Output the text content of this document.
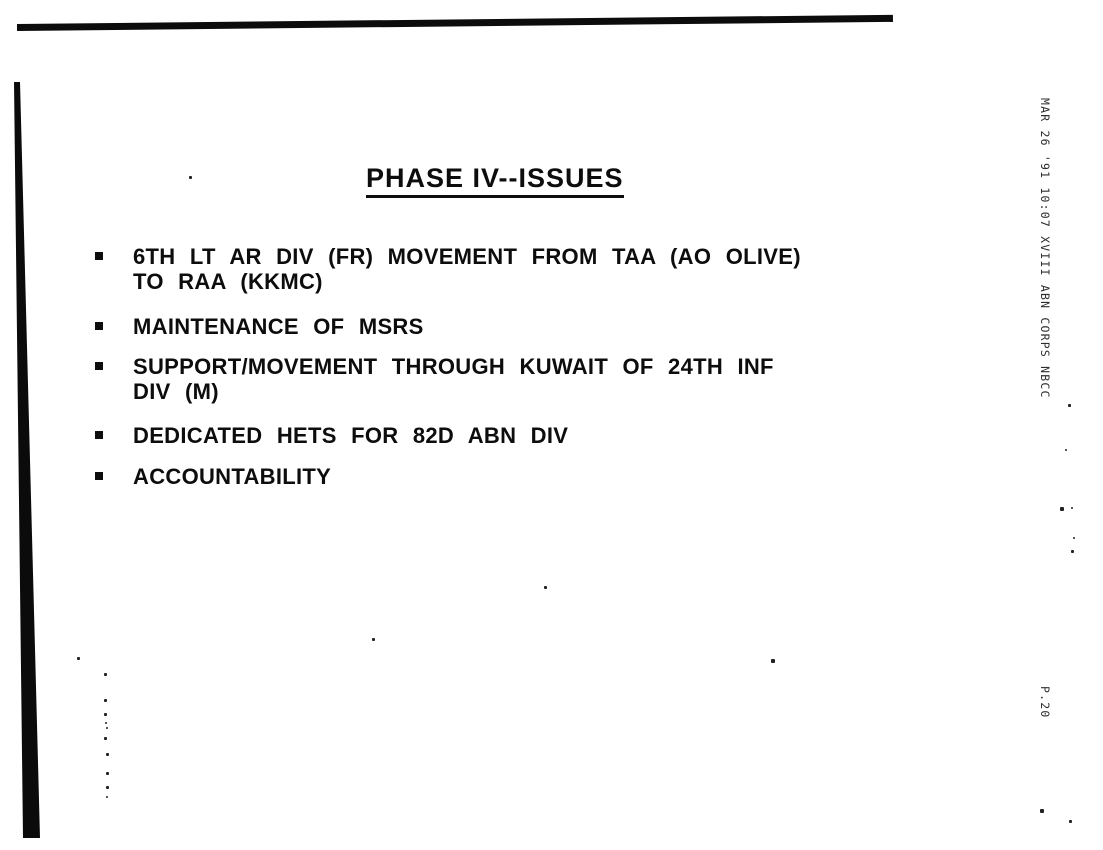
PHASE IV--ISSUES
6TH LT AR DIV (FR) MOVEMENT FROM TAA (AO OLIVE)
TO RAA (KKMC)
MAINTENANCE OF MSRS
SUPPORT/MOVEMENT THROUGH KUWAIT OF 24TH INF
DIV (M)
DEDICATED HETS FOR 82D ABN DIV
ACCOUNTABILITY
MAR 26 '91 10:07 XVIII ABN CORPS NBCC
P.20
